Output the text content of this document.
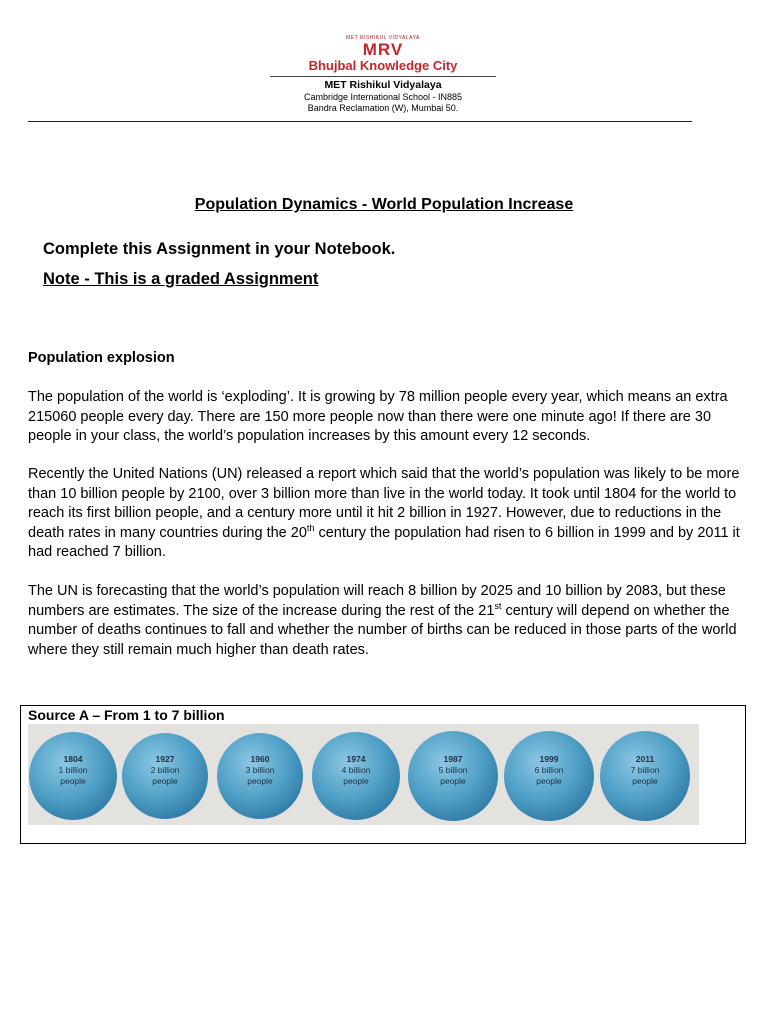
MET RISHIKUL VIDYALAYA
MRV
Bhujbal Knowledge City
MET Rishikul Vidyalaya
Cambridge International School - IN885
Bandra Reclamation (W), Mumbai 50.
Population Dynamics - World Population Increase
Complete this Assignment in your Notebook.
Note - This is a graded Assignment
Population explosion
The population of the world is ‘exploding’. It is growing by 78 million people every year, which means an extra 215060 people every day. There are 150 more people now than there were one minute ago! If there are 30 people in your class, the world’s population increases by this amount every 12 seconds.
Recently the United Nations (UN) released a report which said that the world’s population was likely to be more than 10 billion people by 2100, over 3 billion more than live in the world today. It took until 1804 for the world to reach its first billion people, and a century more until it hit 2 billion in 1927. However, due to reductions in the death rates in many countries during the 20th century the population had risen to 6 billion in 1999 and by 2011 it had reached 7 billion.
The UN is forecasting that the world’s population will reach 8 billion by 2025 and 10 billion by 2083, but these numbers are estimates. The size of the increase during the rest of the 21st century will depend on whether the number of deaths continues to fall and whether the number of births can be reduced in those parts of the world where they still remain much higher than death rates.
Source A – From 1 to 7 billion
1804
1 billion
people
1927
2 billion
people
1960
3 billion
people
1974
4 billion
people
1987
5 billion
people
1999
6 billion
people
2011
7 billion
people
